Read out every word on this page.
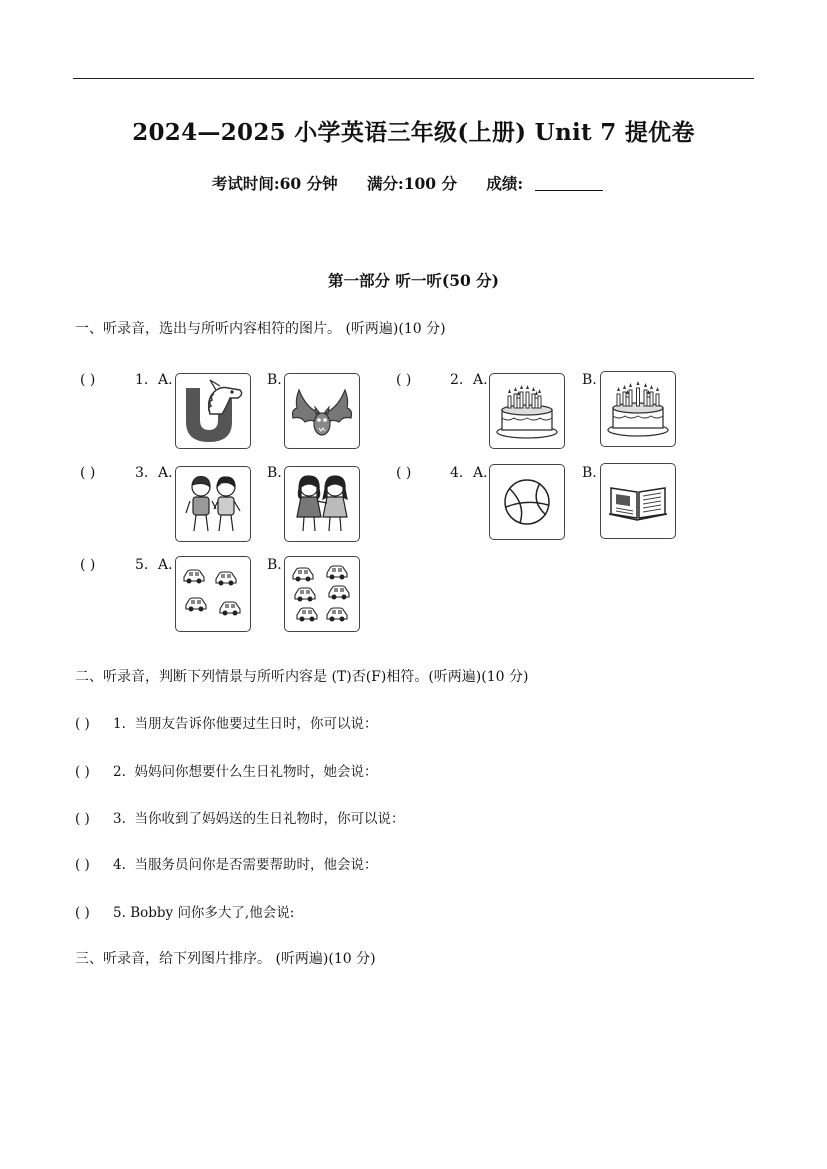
2024—2025 小学英语三年级(上册) Unit 7 提优卷
考试时间:60 分钟 满分:100 分 成绩:
第一部分 听一听(50 分)
一、听录音，选出与所听内容相符的图片。 (听两遍)(10 分)
( )	1. A.	B.	( )	2. A.	B.
( )	3. A.	B.	( )	4. A.	B.
( )	5. A.	B.
二、听录音，判断下列情景与所听内容是 (T)否(F)相符。(听两遍)(10 分)
( ) 1. 当朋友告诉你他要过生日时，你可以说：
( ) 2. 妈妈问你想要什么生日礼物时，她会说：
( ) 3. 当你收到了妈妈送的生日礼物时，你可以说：
( ) 4. 当服务员问你是否需要帮助时，他会说：
( ) 5. Bobby 问你多大了,他会说:
三、听录音，给下列图片排序。 (听两遍)(10 分)
